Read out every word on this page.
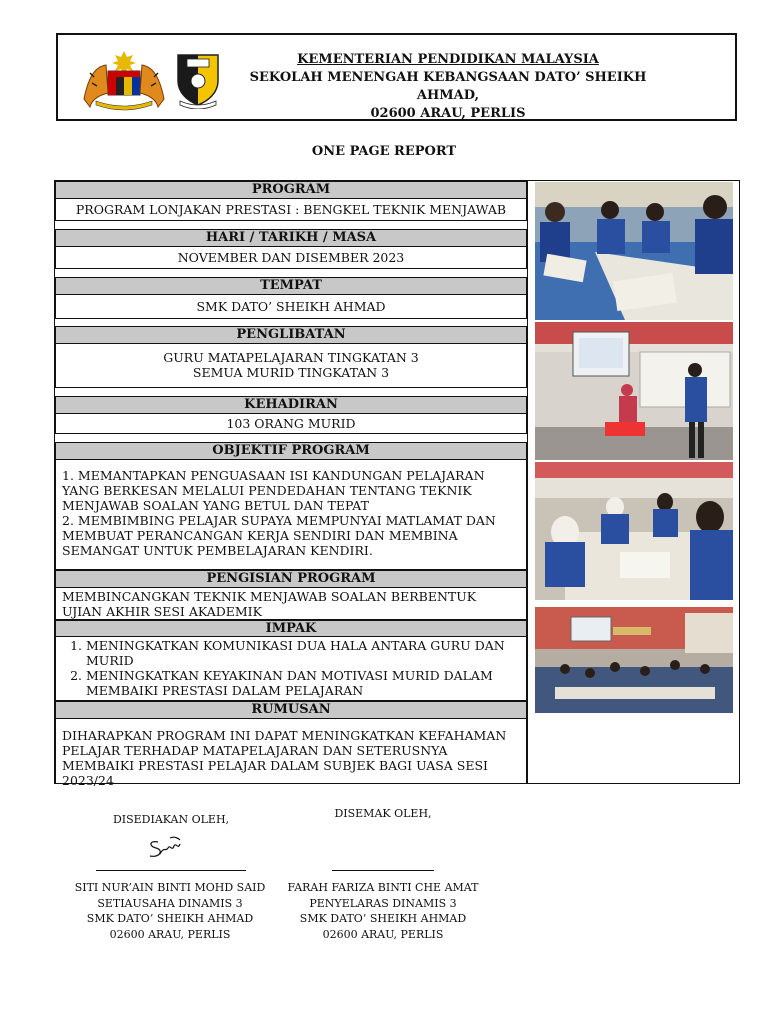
KEMENTERIAN PENDIDIKAN MALAYSIA
SEKOLAH MENENGAH KEBANGSAAN DATO’ SHEIKH AHMAD,
02600 ARAU, PERLIS
ONE PAGE REPORT
PROGRAM

PROGRAM LONJAKAN PRESTASI : BENGKEL TEKNIK MENJAWAB

HARI / TARIKH / MASA

NOVEMBER DAN DISEMBER 2023

TEMPAT

SMK DATO’ SHEIKH AHMAD

PENGLIBATAN

GURU MATAPELAJARAN TINGKATAN 3

SEMUA MURID TINGKATAN 3

KEHADIRAN

103 ORANG MURID

OBJEKTIF PROGRAM

1. MEMANTAPKAN PENGUASAAN ISI KANDUNGAN PELAJARAN YANG BERKESAN MELALUI PENDEDAHAN TENTANG TEKNIK MENJAWAB SOALAN YANG BETUL DAN TEPAT

2. MEMBIMBING PELAJAR SUPAYA MEMPUNYAI MATLAMAT DAN MEMBUAT PERANCANGAN KERJA SENDIRI DAN MEMBINA SEMANGAT UNTUK PEMBELAJARAN KENDIRI.

PENGISIAN PROGRAM

MEMBINCANGKAN TEKNIK MENJAWAB SOALAN BERBENTUK UJIAN AKHIR SESI AKADEMIK

IMPAK
1. MENINGKATKAN KOMUNIKASI DUA HALA ANTARA GURU DAN MURID
2. MENINGKATKAN KEYAKINAN DAN MOTIVASI MURID DALAM MEMBAIKI PRESTASI DALAM PELAJARAN
RUMUSAN

DIHARAPKAN PROGRAM INI DAPAT MENINGKATKAN KEFAHAMAN PELAJAR TERHADAP MATAPELAJARAN DAN SETERUSNYA MEMBAIKI PRESTASI PELAJAR DALAM SUBJEK BAGI UASA SESI 2023/24

DISEDIAKAN OLEH,
SITI NUR’AIN BINTI MOHD SAID
SETIAUSAHA DINAMIS 3
SMK DATO’ SHEIKH AHMAD
02600 ARAU, PERLIS
DISEMAK OLEH,
FARAH FARIZA BINTI CHE AMAT
PENYELARAS DINAMIS 3
SMK DATO’ SHEIKH AHMAD
02600 ARAU, PERLIS
